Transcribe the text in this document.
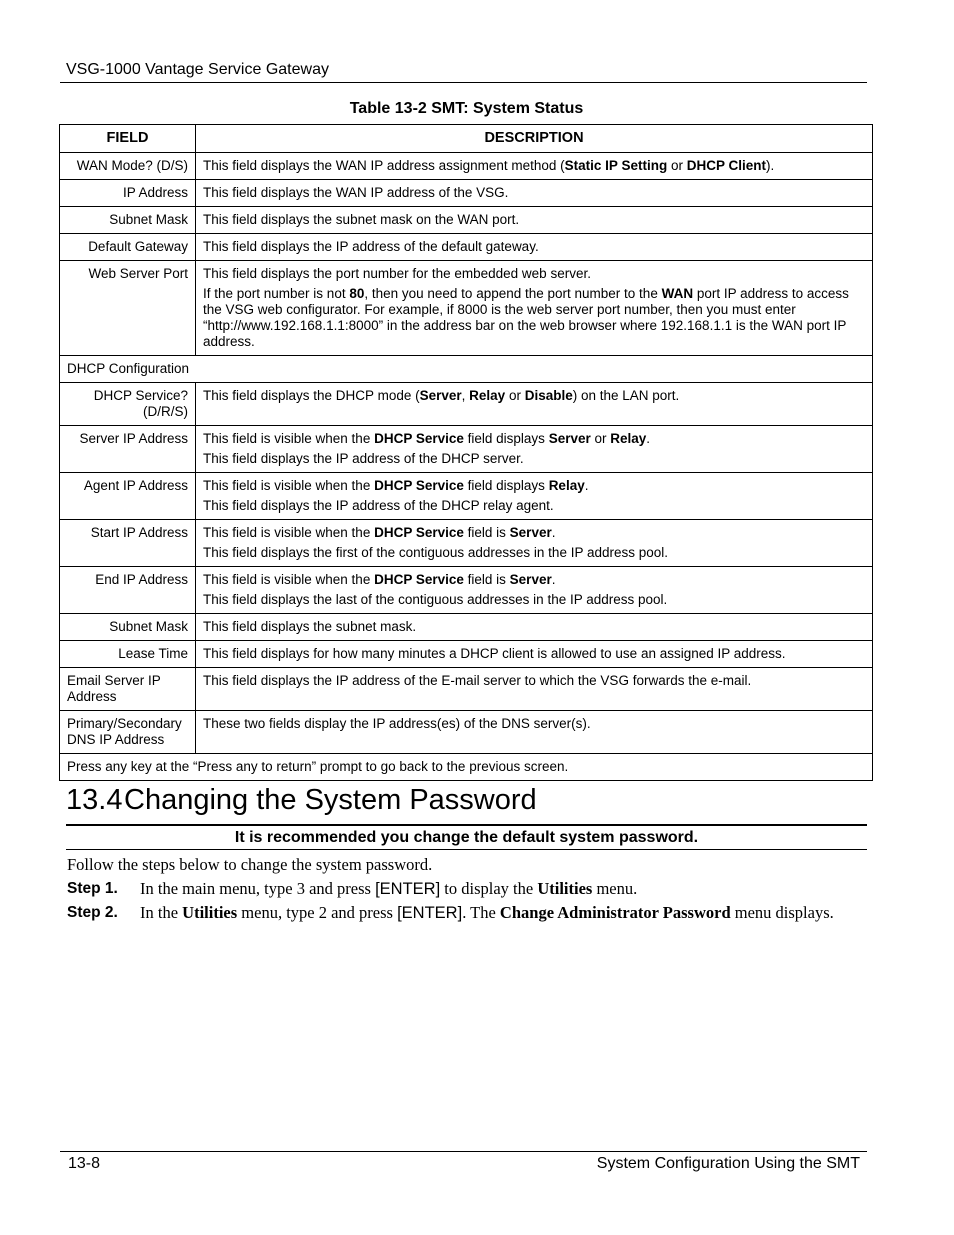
VSG-1000 Vantage Service Gateway
Table 13-2 SMT: System Status
FIELD	DESCRIPTION
WAN Mode? (D/S)	This field displays the WAN IP address assignment method (Static IP Setting or DHCP Client).

IP Address	This field displays the WAN IP address of the VSG.

Subnet Mask	This field displays the subnet mask on the WAN port.

Default Gateway	This field displays the IP address of the default gateway.

Web Server Port	This field displays the port number for the embedded web server.

If the port number is not 80, then you need to append the port number to the WAN port IP address to access the VSG web configurator. For example, if 8000 is the web server port number, then you must enter “http://www.192.168.1.1:8000” in the address bar on the web browser where 192.168.1.1 is the WAN port IP address.

DHCP Configuration	
DHCP Service? (D/R/S)	This field displays the DHCP mode (Server, Relay or Disable) on the LAN port.

Server IP Address	This field is visible when the DHCP Service field displays Server or Relay.

This field displays the IP address of the DHCP server.

Agent IP Address	This field is visible when the DHCP Service field displays Relay.

This field displays the IP address of the DHCP relay agent.

Start IP Address	This field is visible when the DHCP Service field is Server.

This field displays the first of the contiguous addresses in the IP address pool.

End IP Address	This field is visible when the DHCP Service field is Server.

This field displays the last of the contiguous addresses in the IP address pool.

Subnet Mask	This field displays the subnet mask.

Lease Time	This field displays for how many minutes a DHCP client is allowed to use an assigned IP address.

Email Server IP Address	This field displays the IP address of the E-mail server to which the VSG forwards the e-mail.

Primary/Secondary DNS IP Address	These two fields display the IP address(es) of the DNS server(s).

Press any key at the “Press any to return” prompt to go back to the previous screen.	
13.4Changing the System Password
It is recommended you change the default system password.
Follow the steps below to change the system password.
Step 1. In the main menu, type 3 and press [ENTER] to display the Utilities menu.
Step 2. In the Utilities menu, type 2 and press [ENTER]. The Change Administrator Password menu displays.
13-8	System Configuration Using the SMT
